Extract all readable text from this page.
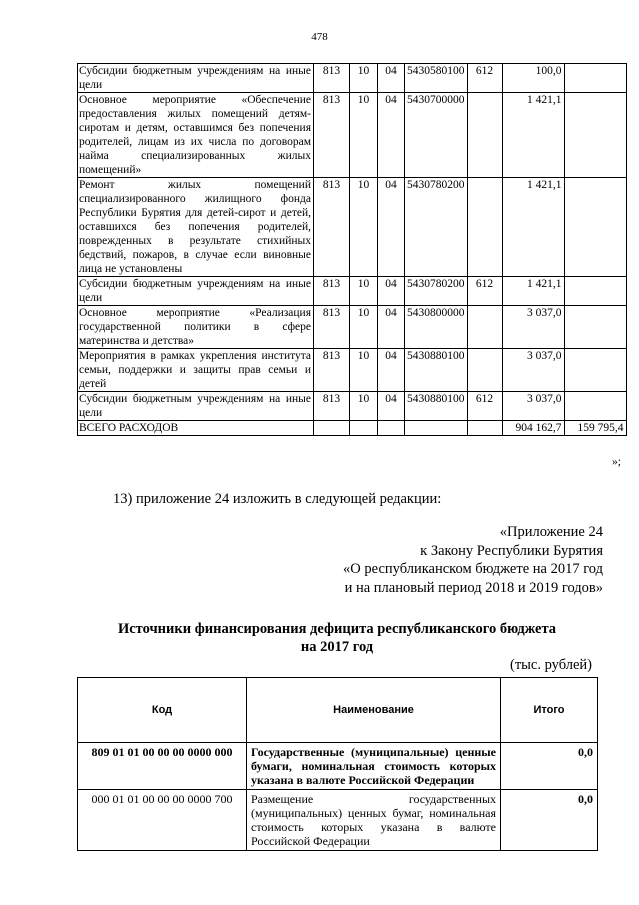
478
Субсидии бюджетным учреждениям на иные цели	813	10	04	5430580100	612	100,0	
Основное мероприятие «Обеспечение предоставления жилых помещений детям-сиротам и детям, оставшимся без попечения родителей, лицам из их числа по договорам найма специализированных жилых помещений»	813	10	04	5430700000		1 421,1	
Ремонт жилых помещений специализированного жилищного фонда Республики Бурятия для детей-сирот и детей, оставшихся без попечения родителей, поврежденных в результате стихийных бедствий, пожаров, в случае если виновные лица не установлены	813	10	04	5430780200		1 421,1	
Субсидии бюджетным учреждениям на иные цели	813	10	04	5430780200	612	1 421,1	
Основное мероприятие «Реализация государственной политики в сфере материнства и детства»	813	10	04	5430800000		3 037,0	
Мероприятия в рамках укрепления института семьи, поддержки и защиты прав семьи и детей	813	10	04	5430880100		3 037,0	
Субсидии бюджетным учреждениям на иные цели	813	10	04	5430880100	612	3 037,0	
ВСЕГО РАСХОДОВ						904 162,7	159 795,4
»;
13) приложение 24 изложить в следующей редакции:
«Приложение 24
к Закону Республики Бурятия
«О республиканском бюджете на 2017 год
и на плановый период 2018 и 2019 годов»
Источники финансирования дефицита республиканского бюджета
на 2017 год
(тыс. рублей)
Код	Наименование	Итого
809 01 01 00 00 00 0000 000	Государственные (муниципальные) ценные бумаги, номинальная стоимость которых указана в валюте Российской Федерации	0,0
000 01 01 00 00 00 0000 700	Размещение государственных (муниципальных) ценных бумаг, номинальная стоимость которых указана в валюте Российской Федерации	0,0
